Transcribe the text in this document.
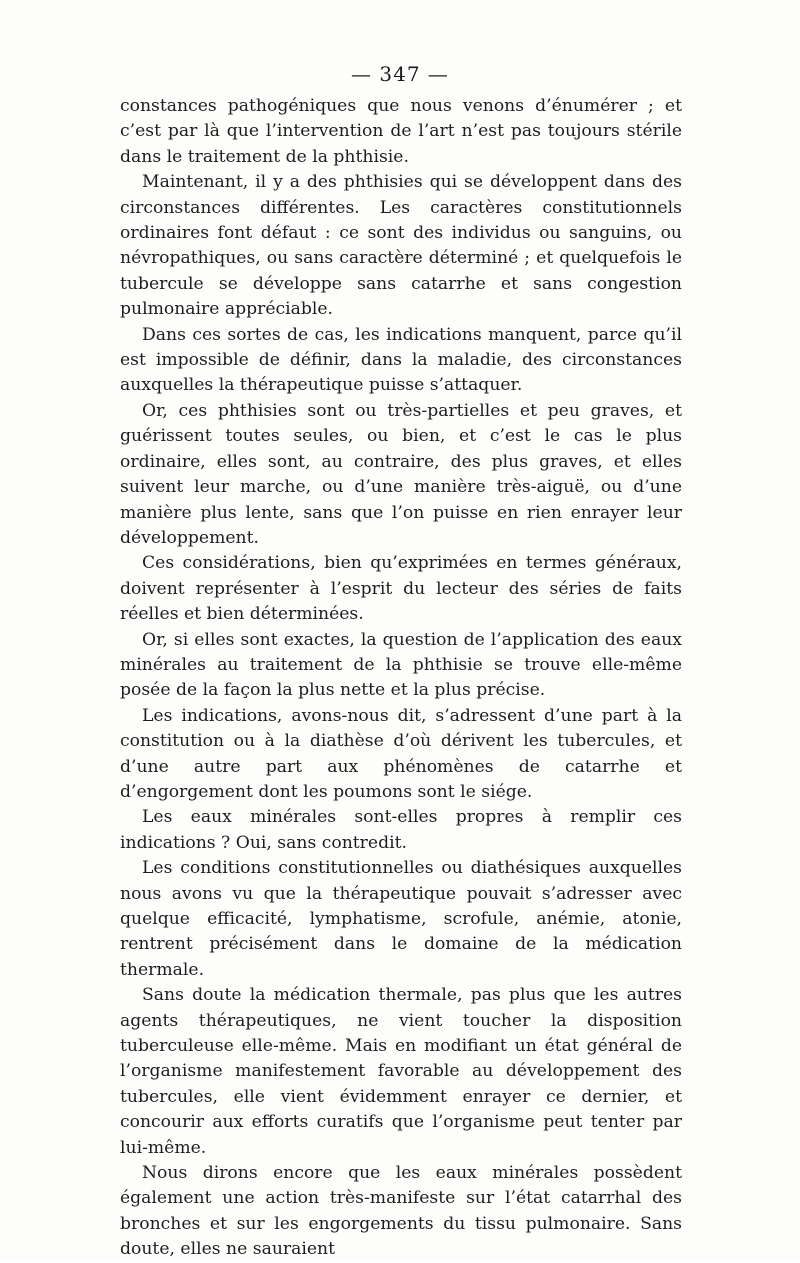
— 347 —

constances pathogéniques que nous venons d’énumérer ; et c’est par là que l’intervention de l’art n’est pas toujours stérile dans le traitement de la phthisie.

Maintenant, il y a des phthisies qui se développent dans des circonstances différentes. Les caractères constitutionnels ordinaires font défaut : ce sont des individus ou sanguins, ou névropathiques, ou sans caractère déterminé ; et quelquefois le tubercule se développe sans catarrhe et sans congestion pulmonaire appréciable.

Dans ces sortes de cas, les indications manquent, parce qu’il est impossible de définir, dans la maladie, des circonstances auxquelles la thérapeutique puisse s’attaquer.

Or, ces phthisies sont ou très-partielles et peu graves, et guérissent toutes seules, ou bien, et c’est le cas le plus ordinaire, elles sont, au contraire, des plus graves, et elles suivent leur marche, ou d’une manière très-aiguë, ou d’une manière plus lente, sans que l’on puisse en rien enrayer leur développement.

Ces considérations, bien qu’exprimées en termes généraux, doivent représenter à l’esprit du lecteur des séries de faits réelles et bien déterminées.

Or, si elles sont exactes, la question de l’application des eaux minérales au traitement de la phthisie se trouve elle-même posée de la façon la plus nette et la plus précise.

Les indications, avons-nous dit, s’adressent d’une part à la constitution ou à la diathèse d’où dérivent les tubercules, et d’une autre part aux phénomènes de catarrhe et d’engorgement dont les poumons sont le siége.

Les eaux minérales sont-elles propres à remplir ces indications ? Oui, sans contredit.

Les conditions constitutionnelles ou diathésiques auxquelles nous avons vu que la thérapeutique pouvait s’adresser avec quelque efficacité, lymphatisme, scrofule, anémie, atonie, rentrent précisément dans le domaine de la médication thermale.

Sans doute la médication thermale, pas plus que les autres agents thérapeutiques, ne vient toucher la disposition tuberculeuse elle-même. Mais en modifiant un état général de l’organisme manifestement favorable au développement des tubercules, elle vient évidemment enrayer ce dernier, et concourir aux efforts curatifs que l’organisme peut tenter par lui-même.

Nous dirons encore que les eaux minérales possèdent également une action très-manifeste sur l’état catarrhal des bronches et sur les engorgements du tissu pulmonaire. Sans doute, elles ne sauraient
